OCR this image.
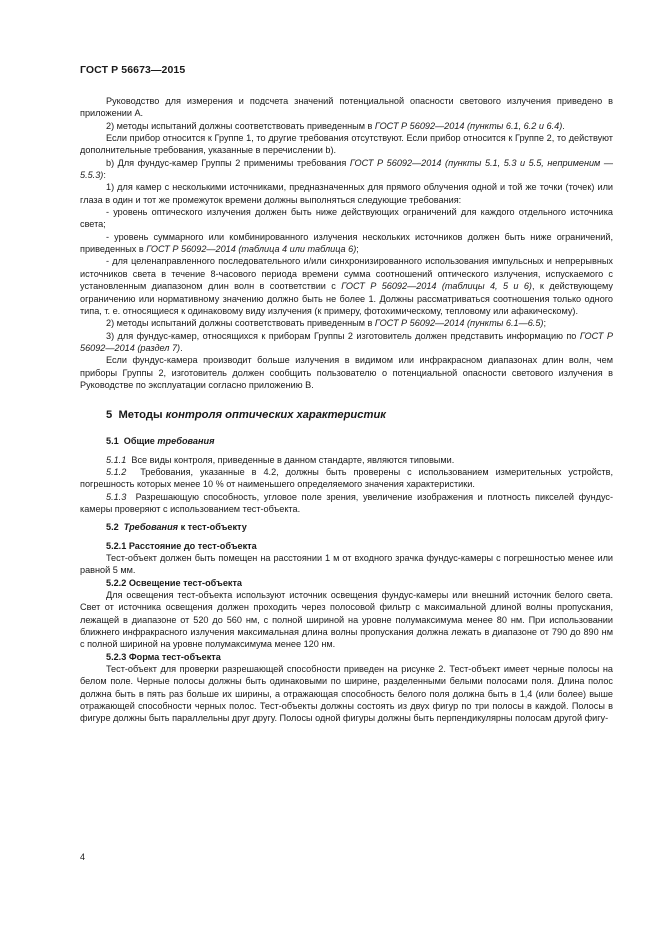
ГОСТ Р 56673—2015

Руководство для измерения и подсчета значений потенциальной опасности светового излучения приведено в приложении А.

2) методы испытаний должны соответствовать приведенным в ГОСТ Р 56092—2014 (пункты 6.1, 6.2 и 6.4).

Если прибор относится к Группе 1, то другие требования отсутствуют. Если прибор относится к Группе 2, то действуют дополнительные требования, указанные в перечислении b).

b) Для фундус-камер Группы 2 применимы требования ГОСТ Р 56092—2014 (пункты 5.1, 5.3 и 5.5, неприменим — 5.5.3):

1) для камер с несколькими источниками, предназначенных для прямого облучения одной и той же точки (точек) или глаза в один и тот же промежуток времени должны выполняться следующие требования:

- уровень оптического излучения должен быть ниже действующих ограничений для каждого отдельного источника света;

- уровень суммарного или комбинированного излучения нескольких источников должен быть ниже ограничений, приведенных в ГОСТ Р 56092—2014 (таблица 4 или таблица 6);

- для целенаправленного последовательного и/или синхронизированного использования импульсных и непрерывных источников света в течение 8-часового периода времени сумма соотношений оптического излучения, испускаемого с установленным диапазоном длин волн в соответствии с ГОСТ Р 56092—2014 (таблицы 4, 5 и 6), к действующему ограничению или нормативному значению должно быть не более 1. Должны рассматриваться соотношения только одного типа, т. е. относящиеся к одинаковому виду излучения (к примеру, фотохимическому, тепловому или афакическому).

2) методы испытаний должны соответствовать приведенным в ГОСТ Р 56092—2014 (пункты 6.1—6.5);

3) для фундус-камер, относящихся к приборам Группы 2 изготовитель должен представить информацию по ГОСТ Р 56092—2014 (раздел 7).

Если фундус-камера производит больше излучения в видимом или инфракрасном диапазонах длин волн, чем приборы Группы 2, изготовитель должен сообщить пользователю о потенциальной опасности светового излучения в Руководстве по эксплуатации согласно приложению В.

5 Методы контроля оптических характеристик

5.1 Общие требования

5.1.1 Все виды контроля, приведенные в данном стандарте, являются типовыми.

5.1.2 Требования, указанные в 4.2, должны быть проверены с использованием измерительных устройств, погрешность которых менее 10 % от наименьшего определяемого значения характеристики.

5.1.3 Разрешающую способность, угловое поле зрения, увеличение изображения и плотность пикселей фундус-камеры проверяют с использованием тест-объекта.

5.2 Требования к тест-объекту

5.2.1 Расстояние до тест-объекта

Тест-объект должен быть помещен на расстоянии 1 м от входного зрачка фундус-камеры с погрешностью менее или равной 5 мм.

5.2.2 Освещение тест-объекта

Для освещения тест-объекта используют источник освещения фундус-камеры или внешний источник белого света. Свет от источника освещения должен проходить через полосовой фильтр с максимальной длиной волны пропускания, лежащей в диапазоне от 520 до 560 нм, с полной шириной на уровне полумаксимума менее 80 нм. При использовании ближнего инфракрасного излучения максимальная длина волны пропускания должна лежать в диапазоне от 790 до 890 нм с полной шириной на уровне полумаксимума менее 120 нм.

5.2.3 Форма тест-объекта

Тест-объект для проверки разрешающей способности приведен на рисунке 2. Тест-объект имеет черные полосы на белом поле. Черные полосы должны быть одинаковыми по ширине, разделенными белыми полосами поля. Длина полос должна быть в пять раз больше их ширины, а отражающая способность белого поля должна быть в 1,4 (или более) выше отражающей способности черных полос. Тест-объекты должны состоять из двух фигур по три полосы в каждой. Полосы в фигуре должны быть параллельны друг другу. Полосы одной фигуры должны быть перпендикулярны полосам другой фигу-

4
